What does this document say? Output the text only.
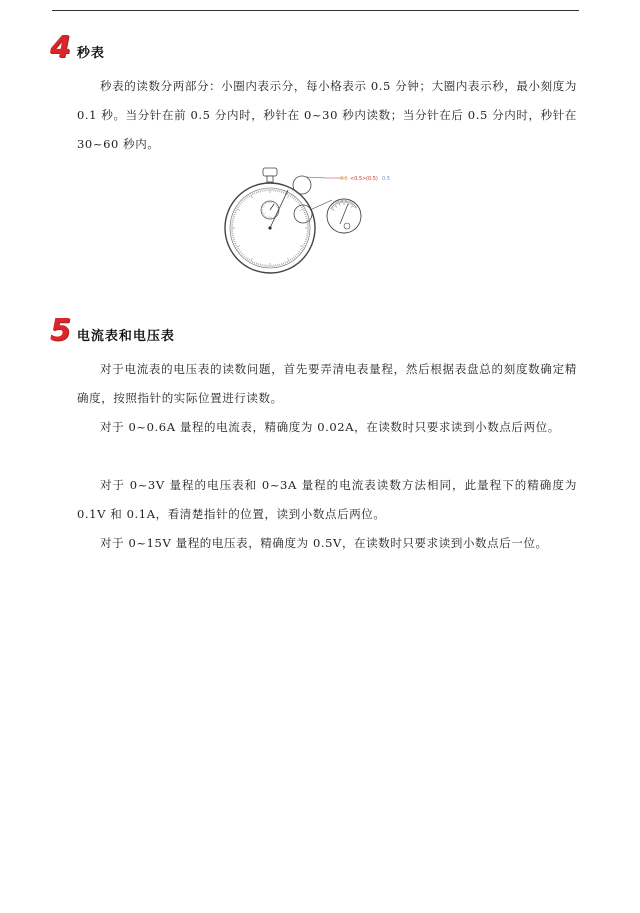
4 秒表

秒表的读数分两部分：小圈内表示分，每小格表示 0.5 分钟；大圈内表示秒，最小刻度为 0.1 秒。当分针在前 0.5 分内时，秒针在 0~30 秒内读数；当分针在后 0.5 分内时，秒针在 30~60 秒内。

0.5 <0.5> (0.5) 0.5
5 电流表和电压表

对于电流表的电压表的读数问题，首先要弄清电表量程，然后根据表盘总的刻度数确定精确度，按照指针的实际位置进行读数。

对于 0~0.6A 量程的电流表，精确度为 0.02A，在读数时只要求读到小数点后两位。

对于 0~3V 量程的电压表和 0~3A 量程的电流表读数方法相同，此量程下的精确度为 0.1V 和 0.1A，看清楚指针的位置，读到小数点后两位。

对于 0~15V 量程的电压表，精确度为 0.5V，在读数时只要求读到小数点后一位。
